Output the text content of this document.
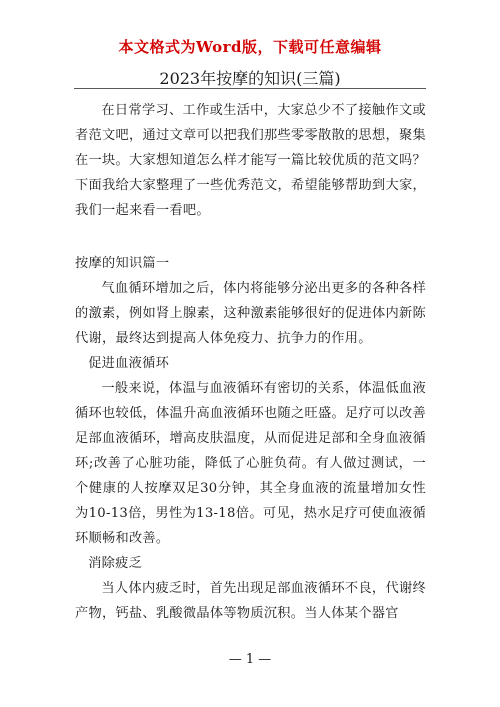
本文格式为Word版，下载可任意编辑
2023年按摩的知识(三篇)

在日常学习、工作或生活中，大家总少不了接触作文或者范文吧，通过文章可以把我们那些零零散散的思想，聚集在一块。大家想知道怎么样才能写一篇比较优质的范文吗？下面我给大家整理了一些优秀范文，希望能够帮助到大家，我们一起来看一看吧。

按摩的知识篇一

气血循环增加之后，体内将能够分泌出更多的各种各样的激素，例如肾上腺素，这种激素能够很好的促进体内新陈代谢，最终达到提高人体免疫力、抗争力的作用。

促进血液循环

一般来说，体温与血液循环有密切的关系，体温低血液循环也较低，体温升高血液循环也随之旺盛。足疗可以改善足部血液循环，增高皮肤温度，从而促进足部和全身血液循环;改善了心脏功能，降低了心脏负荷。有人做过测试，一个健康的人按摩双足30分钟，其全身血液的流量增加女性为10-13倍，男性为13-18倍。可见，热水足疗可使血液循环顺畅和改善。

消除疲乏

当人体内疲乏时，首先出现足部血液循环不良，代谢终产物，钙盐、乳酸微晶体等物质沉积。当人体某个器官

— 1 —
